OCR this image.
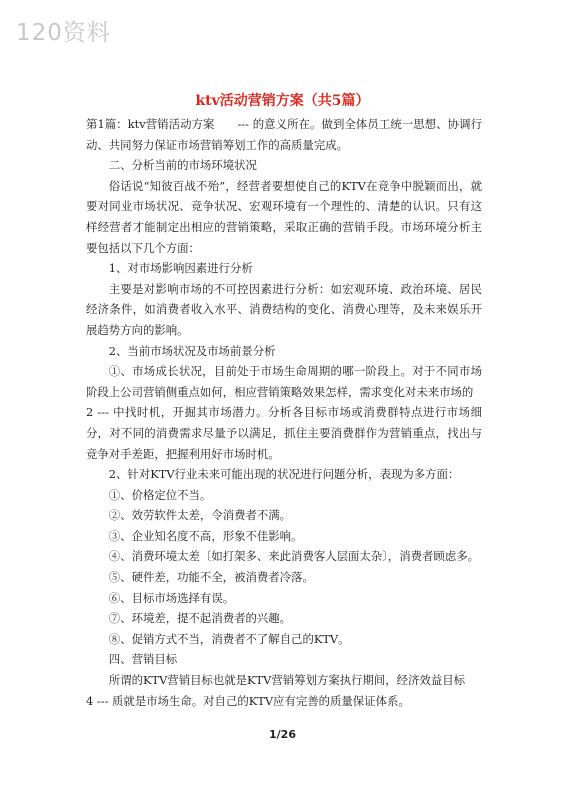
120资料
ktv活动营销方案（共5篇）

第1篇：ktv营销活动方案　　--- 的意义所在。做到全体员工统一思想、协调行动、共同努力保证市场营销筹划工作的高质量完成。

二、分析当前的市场环境状况

俗话说“知彼百战不殆”，经营者要想使自己的KTV在竞争中脱颖而出，就要对同业市场状况、竞争状况、宏观环境有一个理性的、清楚的认识。只有这样经营者才能制定出相应的营销策略，采取正确的营销手段。市场环境分析主要包括以下几个方面：

1、对市场影响因素进行分析

主要是对影响市场的不可控因素进行分析：如宏观环境、政治环境、居民经济条件，如消费者收入水平、消费结构的变化、消费心理等，及未来娱乐开展趋势方向的影响。

2、当前市场状况及市场前景分析

①、市场成长状况，目前处于市场生命周期的哪一阶段上。对于不同市场阶段上公司营销侧重点如何，相应营销策略效果怎样，需求变化对未来市场的

2 --- 中找时机，开掘其市场潜力。分析各目标市场或消费群特点进行市场细分，对不同的消费需求尽量予以满足，抓住主要消费群作为营销重点，找出与竞争对手差距，把握利用好市场时机。

2、针对KTV行业未来可能出现的状况进行问题分析，表现为多方面：

①、价格定位不当。

②、效劳软件太差，令消费者不满。

③、企业知名度不高，形象不佳影响。

④、消费环境太差〔如打架多、来此消费客人层面太杂〕，消费者顾虑多。

⑤、硬件差，功能不全，被消费者冷落。

⑥、目标市场选择有误。

⑦、环境差，提不起消费者的兴趣。

⑧、促销方式不当，消费者不了解自己的KTV。

四、营销目标

所谓的KTV营销目标也就是KTV营销筹划方案执行期间，经济效益目标

4 --- 质就是市场生命。对自己的KTV应有完善的质量保证体系。

1/26
